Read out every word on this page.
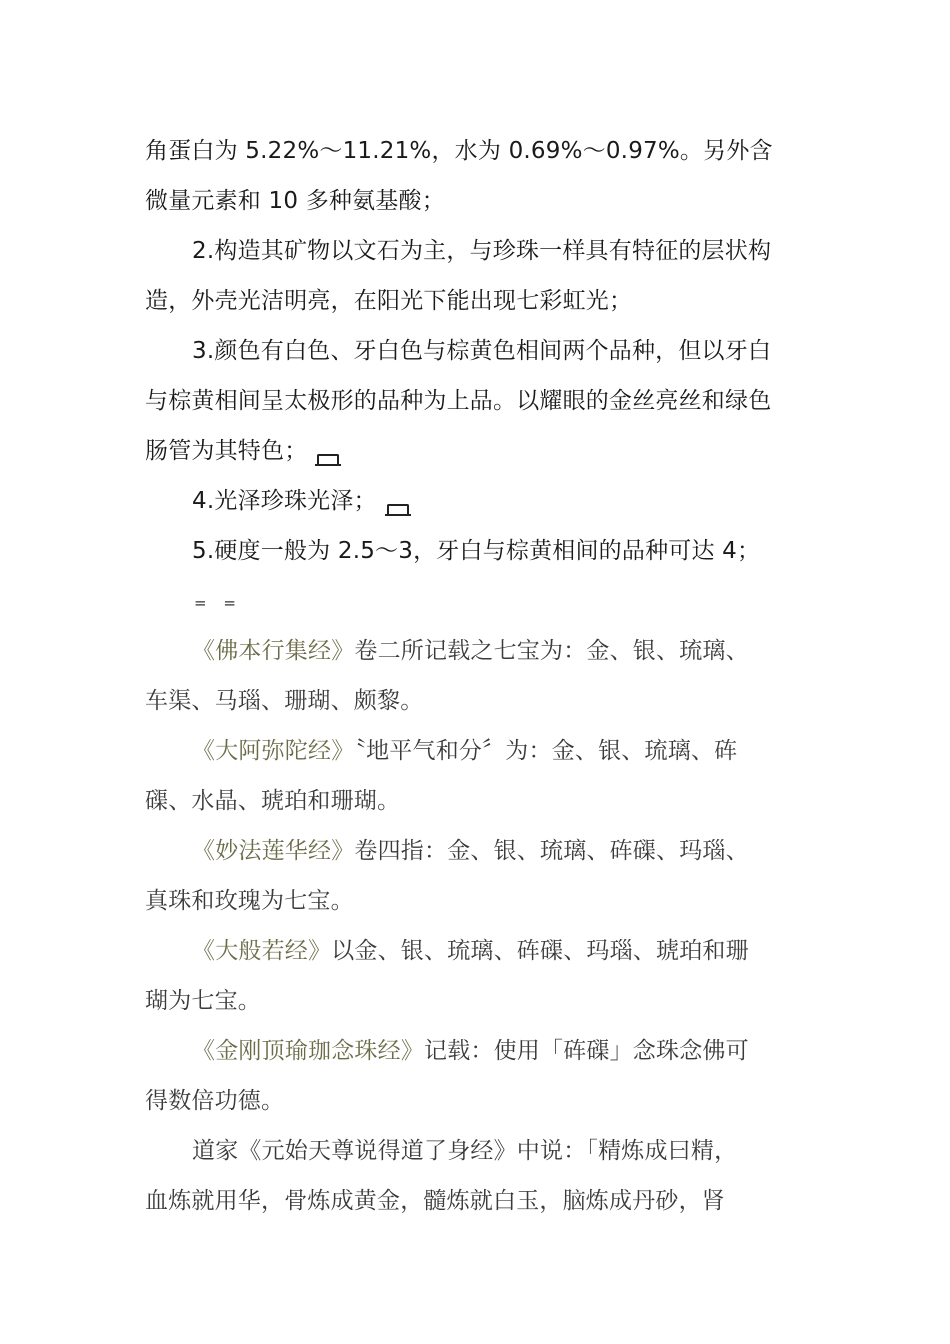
角蛋白为 5.22%～11.21%，水为 0.69%～0.97%。另外含
微量元素和 10 多种氨基酸；
2.构造其矿物以文石为主，与珍珠一样具有特征的层状构
造，外壳光洁明亮，在阳光下能出现七彩虹光；
3.颜色有白色、牙白色与棕黄色相间两个品种，但以牙白
与棕黄相间呈太极形的品种为上品。以耀眼的金丝亮丝和绿色
肠管为其特色；
4.光泽珍珠光泽；
5.硬度一般为 2.5～3，牙白与棕黄相间的品种可达 4；
= =
《佛本行集经》卷二所记载之七宝为：金、银、琉璃、
车渠、马瑙、珊瑚、颇黎。
《大阿弥陀经》〝地平气和分〞为：金、银、琉璃、砗
磲、水晶、琥珀和珊瑚。
《妙法莲华经》卷四指：金、银、琉璃、砗磲、玛瑙、
真珠和玫瑰为七宝。
《大般若经》以金、银、琉璃、砗磲、玛瑙、琥珀和珊
瑚为七宝。
《金刚顶瑜珈念珠经》记载：使用「砗磲」念珠念佛可
得数倍功德。
道家《元始天尊说得道了身经》中说：「精炼成曰精，
血炼就用华，骨炼成黄金，髓炼就白玉，脑炼成丹砂，肾
